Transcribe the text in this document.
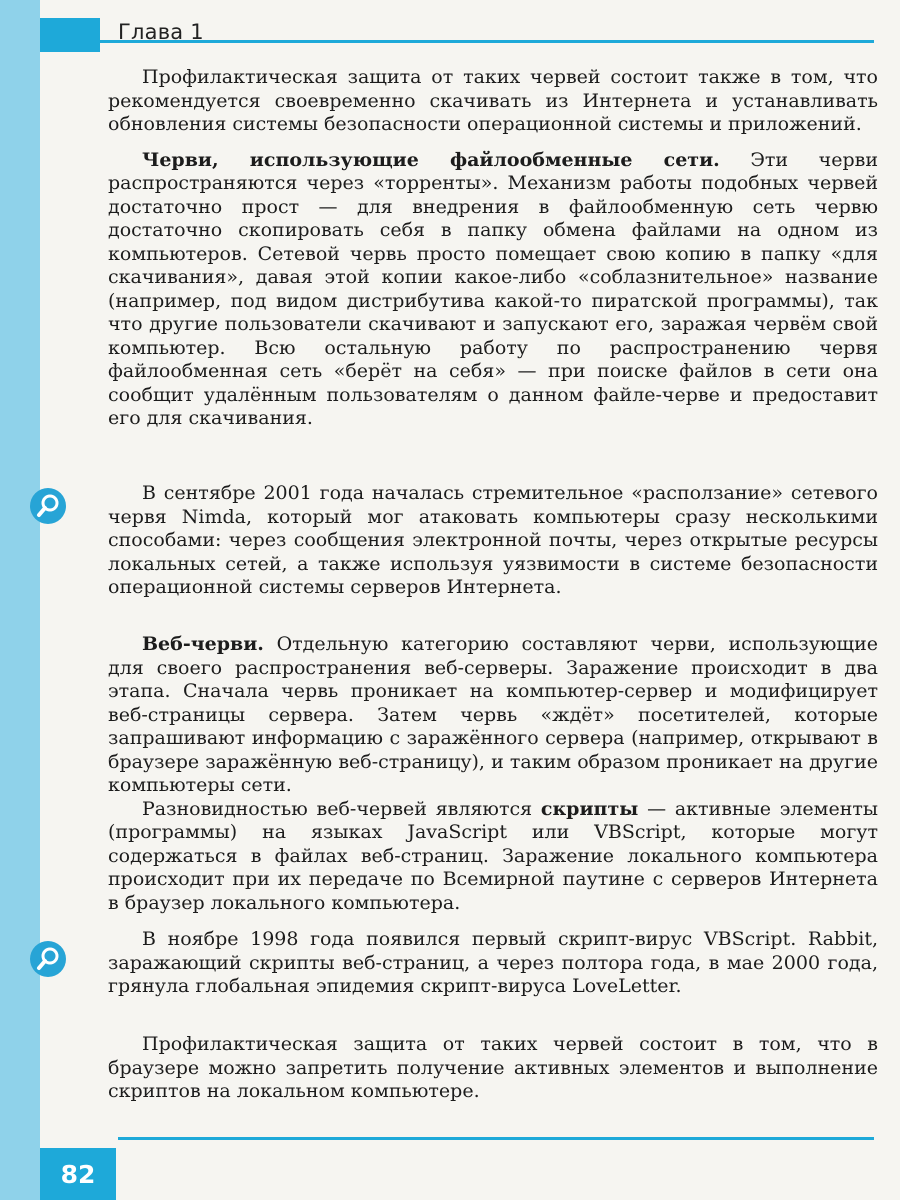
Глава 1

Профилактическая защита от таких червей состоит также в том, что рекомендуется своевременно скачивать из Интернета и устанавливать обновления системы безопасности операционной системы и приложений.

Черви, использующие файлообменные сети. Эти черви распространяются через «торренты». Механизм работы подобных червей достаточно прост — для внедрения в файлообменную сеть червю достаточно скопировать себя в папку обмена файлами на одном из компьютеров. Сетевой червь просто помещает свою копию в папку «для скачивания», давая этой копии какое-либо «соблазнительное» название (например, под видом дистрибутива какой-то пиратской программы), так что другие пользователи скачивают и запускают его, заражая червём свой компьютер. Всю остальную работу по распространению червя файлообменная сеть «берёт на себя» — при поиске файлов в сети она сообщит удалённым пользователям о данном файле-черве и предоставит его для скачивания.

В сентябре 2001 года началась стремительное «расползание» сетевого червя Nimda, который мог атаковать компьютеры сразу несколькими способами: через сообщения электронной почты, через открытые ресурсы локальных сетей, а также используя уязвимости в системе безопасности операционной системы серверов Интернета.

Веб-черви. Отдельную категорию составляют черви, использующие для своего распространения веб-серверы. Заражение происходит в два этапа. Сначала червь проникает на компьютер-сервер и модифицирует веб-страницы сервера. Затем червь «ждёт» посетителей, которые запрашивают информацию с заражённого сервера (например, открывают в браузере заражённую веб-страницу), и таким образом проникает на другие компьютеры сети.

Разновидностью веб-червей являются скрипты — активные элементы (программы) на языках JavaScript или VBScript, которые могут содержаться в файлах веб-страниц. Заражение локального компьютера происходит при их передаче по Всемирной паутине с серверов Интернета в браузер локального компьютера.

В ноябре 1998 года появился первый скрипт-вирус VBScript. Rabbit, заражающий скрипты веб-страниц, а через полтора года, в мае 2000 года, грянула глобальная эпидемия скрипт-вируса LoveLetter.

Профилактическая защита от таких червей состоит в том, что в браузере можно запретить получение активных элементов и выполнение скриптов на локальном компьютере.

82
